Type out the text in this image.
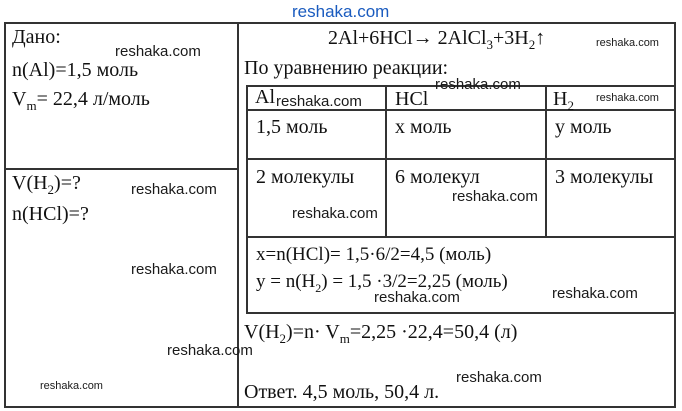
reshaka.com
Дано:
n(Al)=1,5 моль
$V_m= 22,4$ л/моль
$V(H_2)=$?
n(HCl)=?
$2Al+6HCl\to 2AlCl_3+3H_2↑$
По уравнению реакции:
Al	HCl	$H_2$
1,5 моль	x моль	y моль
2 молекулы 6 молекул	3 молекулы
x=n(HCl)= 1,5·6/2=4,5 (моль)
$y = n(H_2) = 1,5 \cdot 3/2=2,25$ (моль)
$V(H_2)=n\cdot V_m=2,25 \cdot 22,4=50,4$ (л)
Ответ. 4,5 моль, 50,4 л.
reshaka.com	reshaka.com
reshaka.com
reshaka.com	reshaka.com
reshaka.com	reshaka.com
reshaka.com
reshaka.com
reshaka.com
reshaka.com
reshaka.com
reshaka.com
reshaka.com
